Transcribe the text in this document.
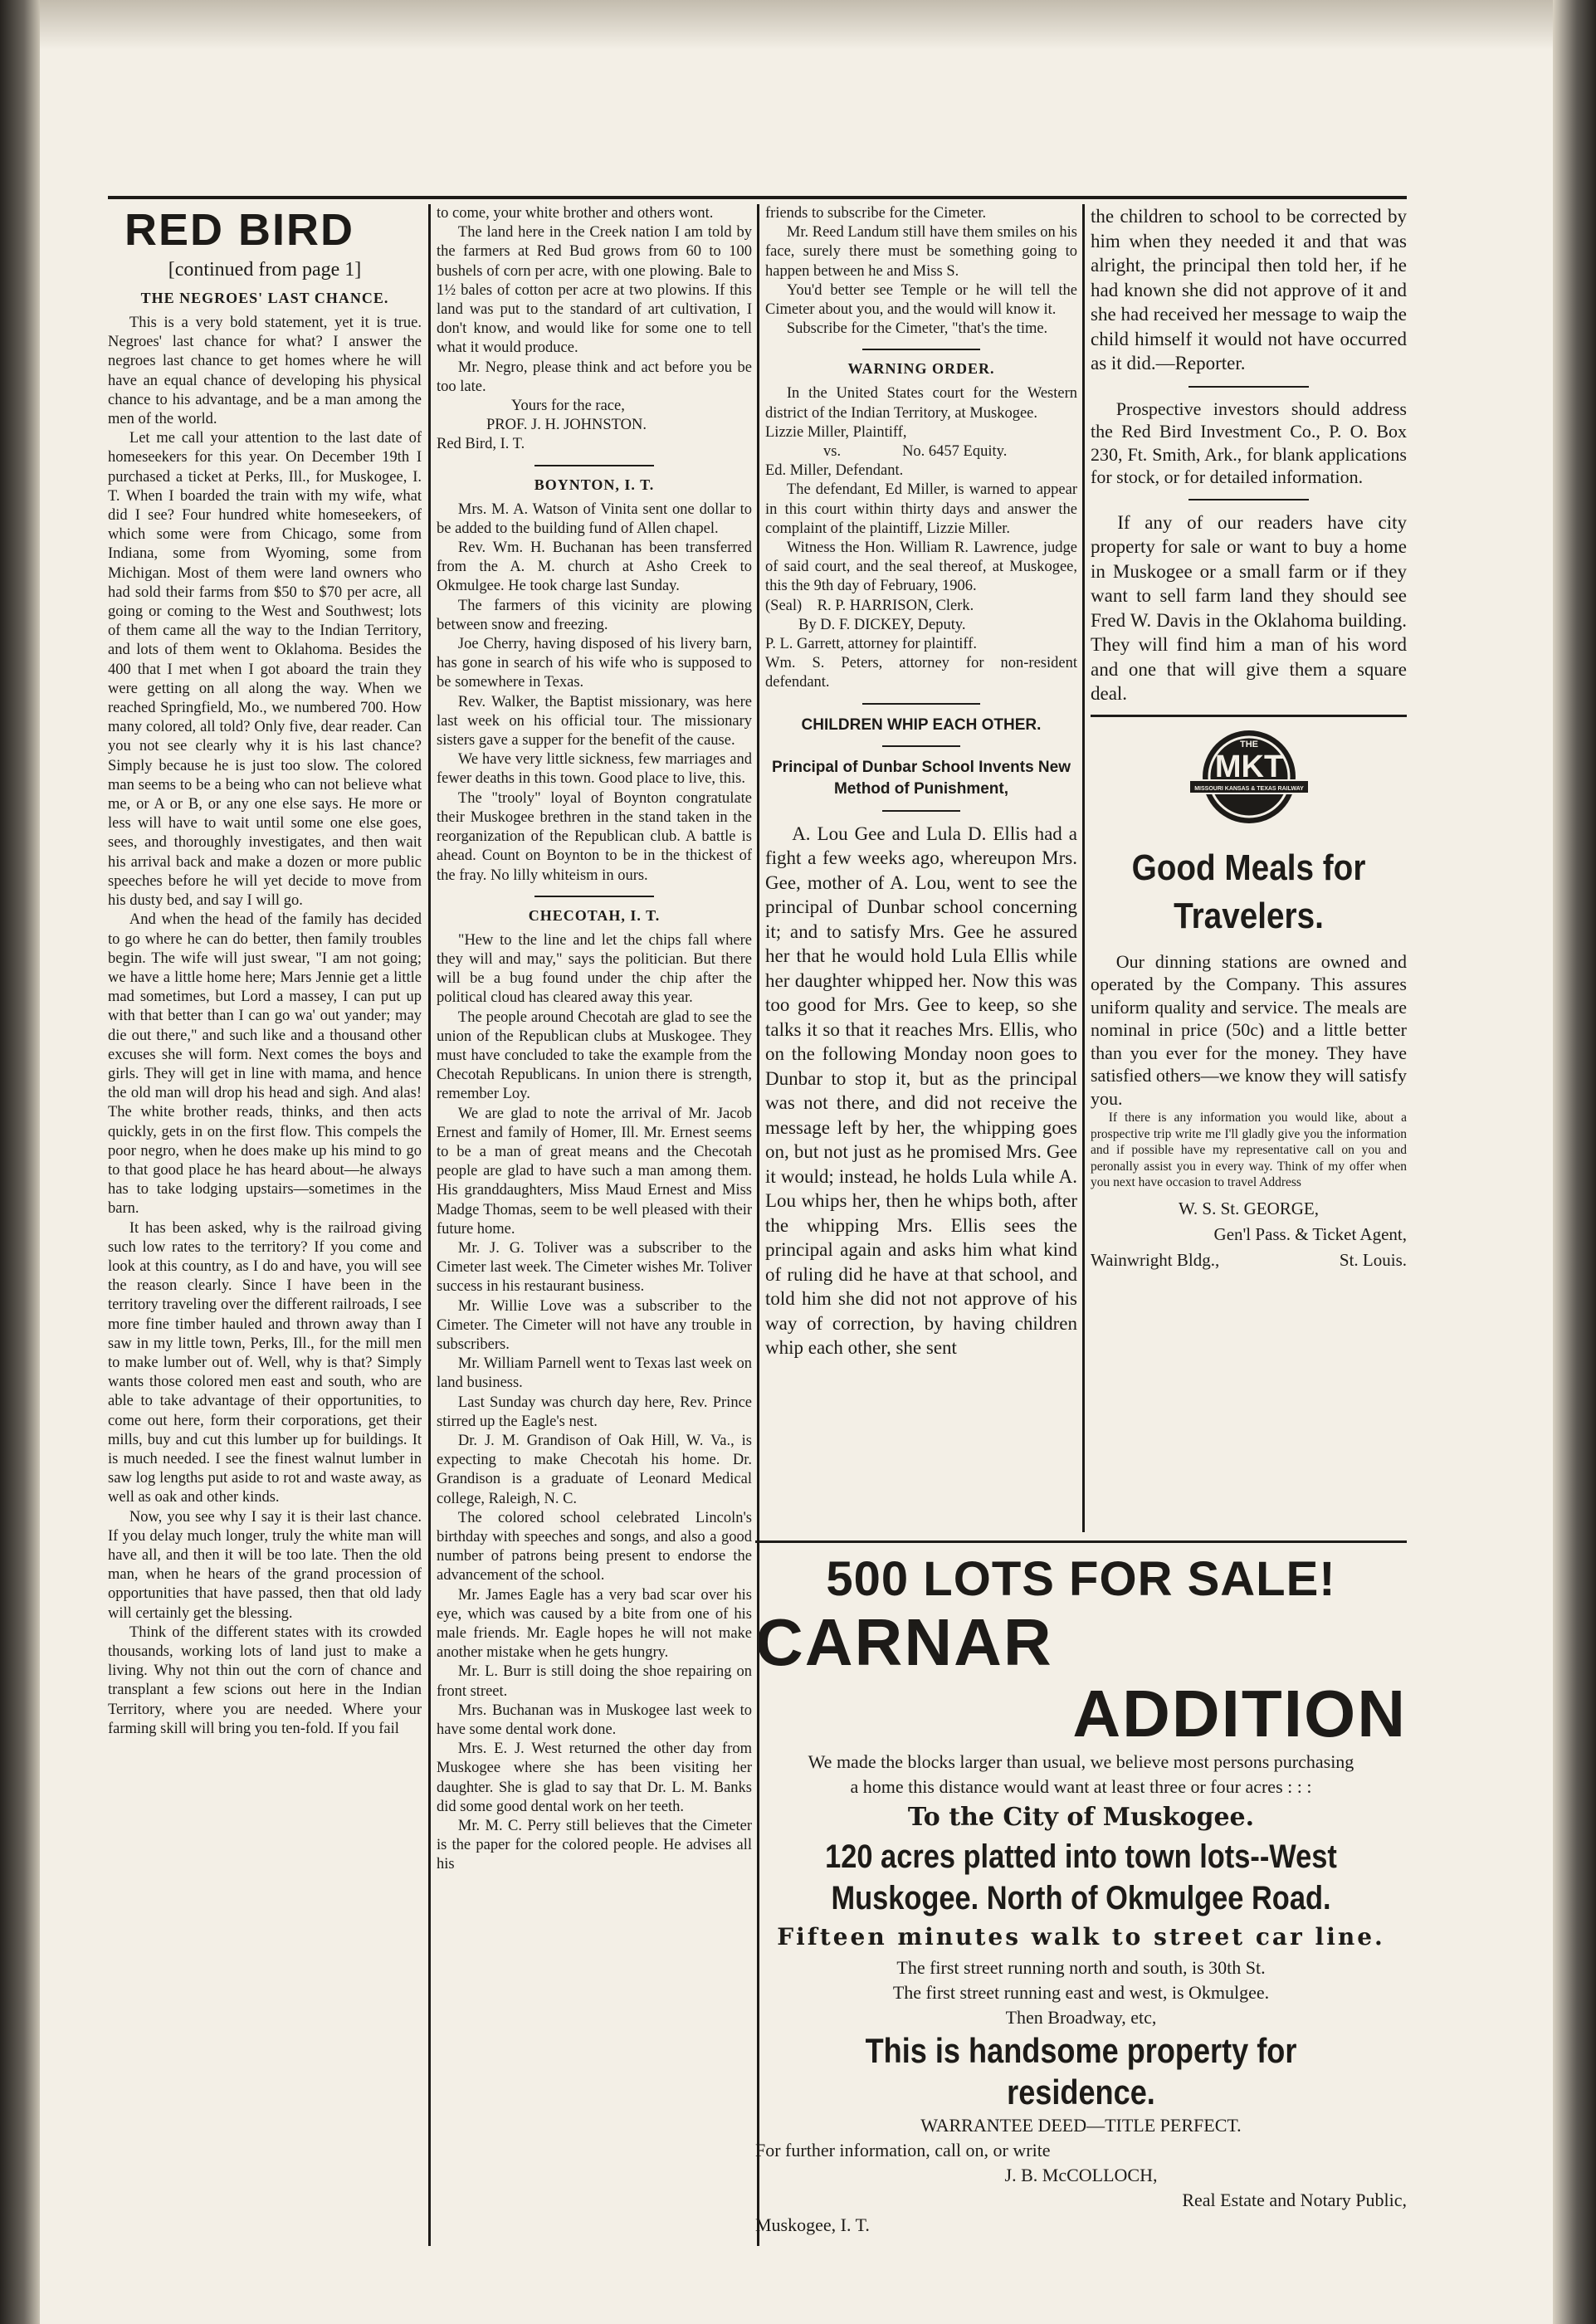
RED BIRD
[continued from page 1]
THE NEGROES' LAST CHANCE.

This is a very bold statement, yet it is true. Negroes' last chance for what? I answer the negroes last chance to get homes where he will have an equal chance of developing his physical chance to his advantage, and be a man among the men of the world.

Let me call your attention to the last date of homeseekers for this year. On December 19th I purchased a ticket at Perks, Ill., for Muskogee, I. T. When I boarded the train with my wife, what did I see? Four hundred white homeseekers, of which some were from Chicago, some from Indiana, some from Wyoming, some from Michigan. Most of them were land owners who had sold their farms from $50 to $70 per acre, all going or coming to the West and Southwest; lots of them came all the way to the Indian Territory, and lots of them went to Oklahoma. Besides the 400 that I met when I got aboard the train they were getting on all along the way. When we reached Springfield, Mo., we numbered 700. How many colored, all told? Only five, dear reader. Can you not see clearly why it is his last chance? Simply because he is just too slow. The colored man seems to be a being who can not believe what me, or A or B, or any one else says. He more or less will have to wait until some one else goes, sees, and thoroughly investigates, and then wait his arrival back and make a dozen or more public speeches before he will yet decide to move from his dusty bed, and say I will go.

And when the head of the family has decided to go where he can do better, then family troubles begin. The wife will just swear, "I am not going; we have a little home here; Mars Jennie get a little mad sometimes, but Lord a massey, I can put up with that better than I can go wa' out yander; may die out there," and such like and a thousand other excuses she will form. Next comes the boys and girls. They will get in line with mama, and hence the old man will drop his head and sigh. And alas! The white brother reads, thinks, and then acts quickly, gets in on the first flow. This compels the poor negro, when he does make up his mind to go to that good place he has heard about—he always has to take lodging upstairs—sometimes in the barn.

It has been asked, why is the railroad giving such low rates to the territory? If you come and look at this country, as I do and have, you will see the reason clearly. Since I have been in the territory traveling over the different railroads, I see more fine timber hauled and thrown away than I saw in my little town, Perks, Ill., for the mill men to make lumber out of. Well, why is that? Simply wants those colored men east and south, who are able to take advantage of their opportunities, to come out here, form their corporations, get their mills, buy and cut this lumber up for buildings. It is much needed. I see the finest walnut lumber in saw log lengths put aside to rot and waste away, as well as oak and other kinds.

Now, you see why I say it is their last chance. If you delay much longer, truly the white man will have all, and then it will be too late. Then the old man, when he hears of the grand procession of opportunities that have passed, then that old lady will certainly get the blessing.

Think of the different states with its crowded thousands, working lots of land just to make a living. Why not thin out the corn of chance and transplant a few scions out here in the Indian Territory, where you are needed. Where your farming skill will bring you ten-fold. If you fail

to come, your white brother and others wont.

The land here in the Creek nation I am told by the farmers at Red Bud grows from 60 to 100 bushels of corn per acre, with one plowing. Bale to 1½ bales of cotton per acre at two plowins. If this land was put to the standard of art cultivation, I don't know, and would like for some one to tell what it would produce.

Mr. Negro, please think and act before you be too late.

Yours for the race,

PROF. J. H. JOHNSTON.

Red Bird, I. T.

BOYNTON, I. T.

Mrs. M. A. Watson of Vinita sent one dollar to be added to the building fund of Allen chapel.

Rev. Wm. H. Buchanan has been transferred from the A. M. church at Asho Creek to Okmulgee. He took charge last Sunday.

The farmers of this vicinity are plowing between snow and freezing.

Joe Cherry, having disposed of his livery barn, has gone in search of his wife who is supposed to be somewhere in Texas.

Rev. Walker, the Baptist missionary, was here last week on his official tour. The missionary sisters gave a supper for the benefit of the cause.

We have very little sickness, few marriages and fewer deaths in this town. Good place to live, this.

The "trooly" loyal of Boynton congratulate their Muskogee brethren in the stand taken in the reorganization of the Republican club. A battle is ahead. Count on Boynton to be in the thickest of the fray. No lilly whiteism in ours.

CHECOTAH, I. T.

"Hew to the line and let the chips fall where they will and may," says the politician. But there will be a bug found under the chip after the political cloud has cleared away this year.

The people around Checotah are glad to see the union of the Republican clubs at Muskogee. They must have concluded to take the example from the Checotah Republicans. In union there is strength, remember Loy.

We are glad to note the arrival of Mr. Jacob Ernest and family of Homer, Ill. Mr. Ernest seems to be a man of great means and the Checotah people are glad to have such a man among them. His granddaughters, Miss Maud Ernest and Miss Madge Thomas, seem to be well pleased with their future home.

Mr. J. G. Toliver was a subscriber to the Cimeter last week. The Cimeter wishes Mr. Toliver success in his restaurant business.

Mr. Willie Love was a subscriber to the Cimeter. The Cimeter will not have any trouble in subscribers.

Mr. William Parnell went to Texas last week on land business.

Last Sunday was church day here, Rev. Prince stirred up the Eagle's nest.

Dr. J. M. Grandison of Oak Hill, W. Va., is expecting to make Checotah his home. Dr. Grandison is a graduate of Leonard Medical college, Raleigh, N. C.

The colored school celebrated Lincoln's birthday with speeches and songs, and also a good number of patrons being present to endorse the advancement of the school.

Mr. James Eagle has a very bad scar over his eye, which was caused by a bite from one of his male friends. Mr. Eagle hopes he will not make another mistake when he gets hungry.

Mr. L. Burr is still doing the shoe repairing on front street.

Mrs. Buchanan was in Muskogee last week to have some dental work done.

Mrs. E. J. West returned the other day from Muskogee where she has been visiting her daughter. She is glad to say that Dr. L. M. Banks did some good dental work on her teeth.

Mr. M. C. Perry still believes that the Cimeter is the paper for the colored people. He advises all his

friends to subscribe for the Cimeter.

Mr. Reed Landum still have them smiles on his face, surely there must be something going to happen between he and Miss S.

You'd better see Temple or he will tell the Cimeter about you, and the would will know it.

Subscribe for the Cimeter, "that's the time.

WARNING ORDER.

In the United States court for the Western district of the Indian Territory, at Muskogee.

Lizzie Miller, Plaintiff,

vs.                No. 6457 Equity.

Ed. Miller, Defendant.

The defendant, Ed Miller, is warned to appear in this court within thirty days and answer the complaint of the plaintiff, Lizzie Miller.

Witness the Hon. William R. Lawrence, judge of said court, and the seal thereof, at Muskogee, this the 9th day of February, 1906.

(Seal)    R. P. HARRISON, Clerk.

By D. F. DICKEY, Deputy.

P. L. Garrett, attorney for plaintiff.

Wm. S. Peters, attorney for non-resident defendant.

CHILDREN WHIP EACH OTHER.
Principal of Dunbar School Invents New Method of Punishment,

A. Lou Gee and Lula D. Ellis had a fight a few weeks ago, whereupon Mrs. Gee, mother of A. Lou, went to see the principal of Dunbar school concerning it; and to satisfy Mrs. Gee he assured her that he would hold Lula Ellis while her daughter whipped her. Now this was too good for Mrs. Gee to keep, so she talks it so that it reaches Mrs. Ellis, who on the following Monday noon goes to Dunbar to stop it, but as the principal was not there, and did not receive the message left by her, the whipping goes on, but not just as he promised Mrs. Gee it would; instead, he holds Lula while A. Lou whips her, then he whips both, after the whipping Mrs. Ellis sees the principal again and asks him what kind of ruling did he have at that school, and told him she did not not approve of his way of correction, by having children whip each other, she sent

the children to school to be corrected by him when they needed it and that was alright, the principal then told her, if he had known she did not approve of it and she had received her message to waip the child himself it would not have occurred as it did.—Reporter.

Prospective investors should address the Red Bird Investment Co., P. O. Box 230, Ft. Smith, Ark., for blank applications for stock, or for detailed information.

If any of our readers have city property for sale or want to buy a home in Muskogee or a small farm or if they want to sell farm land they should see Fred W. Davis in the Oklahoma building. They will find him a man of his word and one that will give them a square deal.

THE
MKT
MISSOURI KANSAS & TEXAS RAILWAY
Good Meals for
Travelers.

Our dinning stations are owned and operated by the Company. This assures uniform quality and service. The meals are nominal in price (50c) and a little better than you ever for the money. They have satisfied others—we know they will satisfy you.

If there is any information you would like, about a prospective trip write me I'll gladly give you the information and if possible have my representative call on you and peronally assist you in every way. Think of my offer when you next have occasion to travel Address

W. S. St. GEORGE,
Gen'l Pass. & Ticket Agent,
Wainwright Bldg.,	St. Louis.
500 LOTS FOR SALE!
CARNAR
ADDITION
We made the blocks larger than usual, we believe most persons purchasing a home this distance would want at least three or four acres : : :
To the City of Muskogee.
120 acres platted into town lots--West Muskogee. North of Okmulgee Road.
Fifteen minutes walk to street car line.
The first street running north and south, is 30th St.
The first street running east and west, is Okmulgee.
Then Broadway, etc,
This is handsome property for residence.
WARRANTEE DEED—TITLE PERFECT.
For further information, call on, or write
J. B. McCOLLOCH,
Real Estate and Notary Public,
Muskogee, I. T.
